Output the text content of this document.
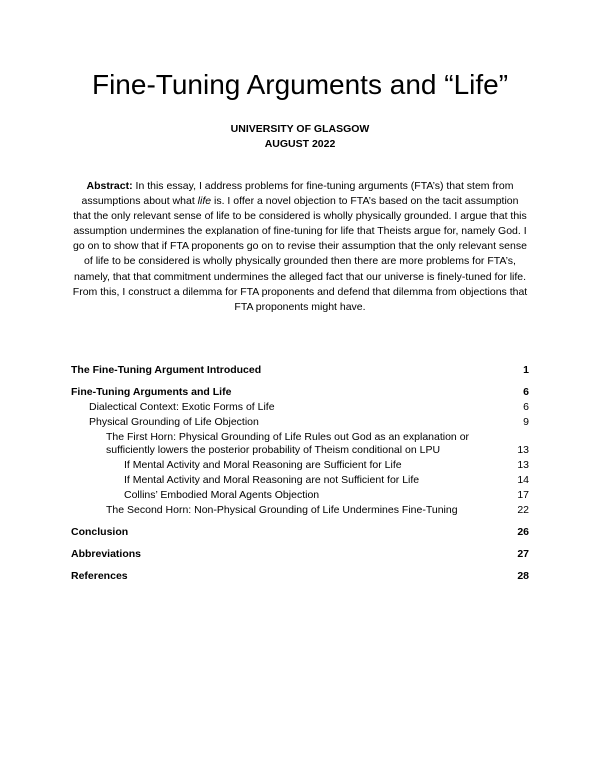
Fine-Tuning Arguments and “Life”
UNIVERSITY OF GLASGOW
AUGUST 2022

Abstract: In this essay, I address problems for fine-tuning arguments (FTA’s) that stem from assumptions about what life is. I offer a novel objection to FTA’s based on the tacit assumption that the only relevant sense of life to be considered is wholly physically grounded. I argue that this assumption undermines the explanation of fine-tuning for life that Theists argue for, namely God. I go on to show that if FTA proponents go on to revise their assumption that the only relevant sense of life to be considered is wholly physically grounded then there are more problems for FTA’s, namely, that that commitment undermines the alleged fact that our universe is finely-tuned for life. From this, I construct a dilemma for FTA proponents and defend that dilemma from objections that FTA proponents might have.

The Fine-Tuning Argument Introduced	1
Fine-Tuning Arguments and Life	6
Dialectical Context: Exotic Forms of Life	6
Physical Grounding of Life Objection	9
The First Horn: Physical Grounding of Life Rules out God as an explanation or sufficiently lowers the posterior probability of Theism conditional on LPU	13
If Mental Activity and Moral Reasoning are Sufficient for Life	13
If Mental Activity and Moral Reasoning are not Sufficient for Life	14
Collins’ Embodied Moral Agents Objection	17
The Second Horn: Non-Physical Grounding of Life Undermines Fine-Tuning	22
Conclusion	26
Abbreviations	27
References	28
